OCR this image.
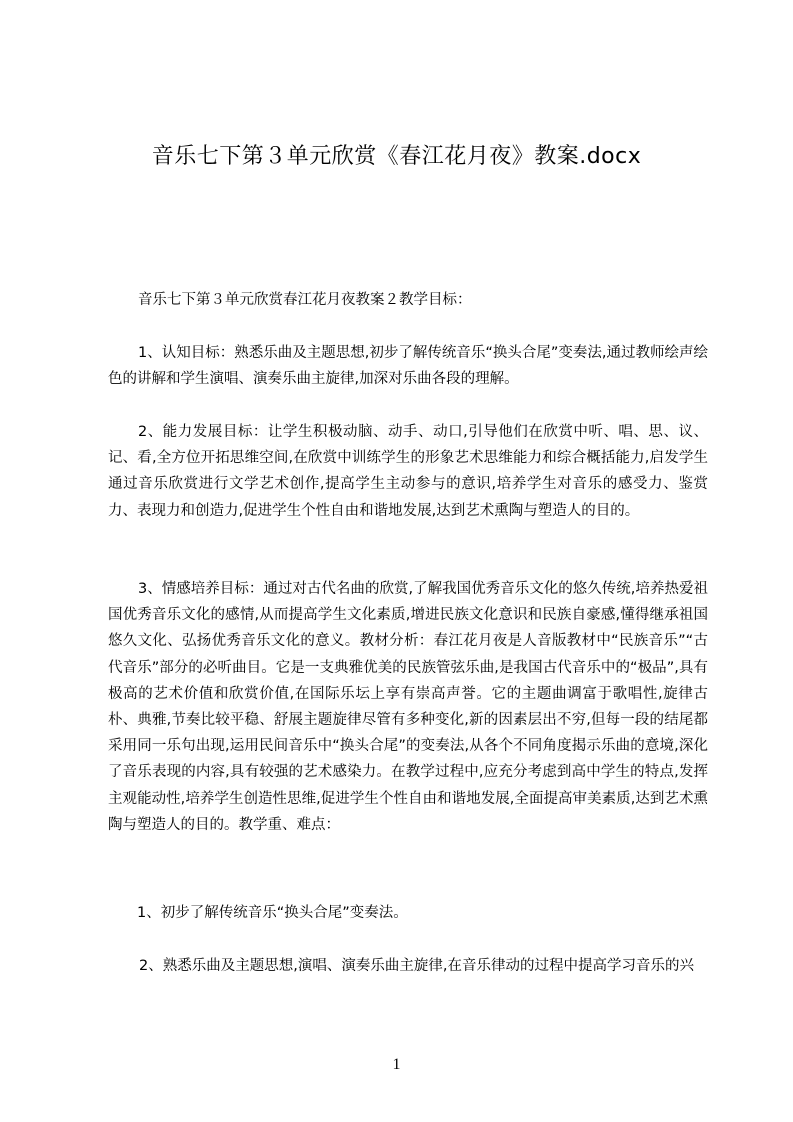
音乐七下第３单元欣赏《春江花月夜》教案.docx

音乐七下第３单元欣赏春江花月夜教案２教学目标：

1、认知目标：熟悉乐曲及主题思想,初步了解传统音乐“换头合尾”变奏法,通过教师绘声绘色的讲解和学生演唱、演奏乐曲主旋律,加深对乐曲各段的理解。

2、能力发展目标：让学生积极动脑、动手、动口,引导他们在欣赏中听、唱、思、议、记、看,全方位开拓思维空间,在欣赏中训练学生的形象艺术思维能力和综合概括能力,启发学生通过音乐欣赏进行文学艺术创作,提高学生主动参与的意识,培养学生对音乐的感受力、鉴赏力、表现力和创造力,促进学生个性自由和谐地发展,达到艺术熏陶与塑造人的目的。

3、情感培养目标：通过对古代名曲的欣赏,了解我国优秀音乐文化的悠久传统,培养热爱祖国优秀音乐文化的感情,从而提高学生文化素质,增进民族文化意识和民族自豪感,懂得继承祖国悠久文化、弘扬优秀音乐文化的意义。教材分析：春江花月夜是人音版教材中“民族音乐”“古代音乐”部分的必听曲目。它是一支典雅优美的民族管弦乐曲,是我国古代音乐中的“极品”,具有极高的艺术价值和欣赏价值,在国际乐坛上享有崇高声誉。它的主题曲调富于歌唱性,旋律古朴、典雅,节奏比较平稳、舒展主题旋律尽管有多种变化,新的因素层出不穷,但每一段的结尾都采用同一乐句出现,运用民间音乐中“换头合尾”的变奏法,从各个不同角度揭示乐曲的意境,深化了音乐表现的内容,具有较强的艺术感染力。在教学过程中,应充分考虑到高中学生的特点,发挥主观能动性,培养学生创造性思维,促进学生个性自由和谐地发展,全面提高审美素质,达到艺术熏陶与塑造人的目的。教学重、难点：

1、初步了解传统音乐“换头合尾”变奏法。

2、熟悉乐曲及主题思想,演唱、演奏乐曲主旋律,在音乐律动的过程中提高学习音乐的兴

1
